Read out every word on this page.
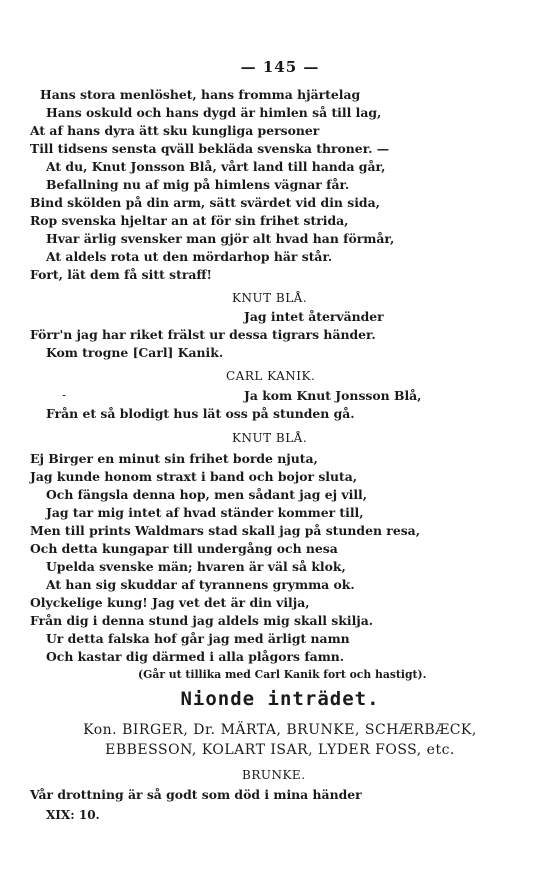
— 145 —
Hans stora menlöshet, hans fromma hjärtelag
Hans oskuld och hans dygd är himlen så till lag,
At af hans dyra ätt sku kungliga personer
Till tidsens sensta qväll bekläda svenska throner. —
At du, Knut Jonsson Blå, vårt land till handa går,
Befallning nu af mig på himlens vägnar får.
Bind skölden på din arm, sätt svärdet vid din sida,
Rop svenska hjeltar an at för sin frihet strida,
Hvar ärlig svensker man gjör alt hvad han förmår,
At aldels rota ut den mördarhop här står.
Fort, lät dem få sitt straff!
KNUT BLÅ.
Jag intet återvänder
Förr'n jag har riket frälst ur dessa tigrars händer.
Kom trogne [Carl] Kanik.
CARL KANIK.
-	Ja kom Knut Jonsson Blå,
Från et så blodigt hus lät oss på stunden gå.
KNUT BLÅ.
Ej Birger en minut sin frihet borde njuta,
Jag kunde honom straxt i band och bojor sluta,
Och fängsla denna hop, men sådant jag ej vill,
Jag tar mig intet af hvad ständer kommer till,
Men till prints Waldmars stad skall jag på stunden resa,
Och detta kungapar till undergång och nesa
Upelda svenske män; hvaren är väl så klok,
At han sig skuddar af tyrannens grymma ok.
Olyckelige kung! Jag vet det är din vilja,
Från dig i denna stund jag aldels mig skall skilja.
Ur detta falska hof går jag med ärligt namn
Och kastar dig därmed i alla plågors famn.
(Går ut tillika med Carl Kanik fort och hastigt).
Nionde inträdet.
Kon. BIRGER, Dr. MÄRTA, BRUNKE, SCHÆRBÆCK,
EBBESSON, KOLART ISAR, LYDER FOSS, etc.
BRUNKE.
Vår drottning är så godt som död i mina händer
XIX: 10.
